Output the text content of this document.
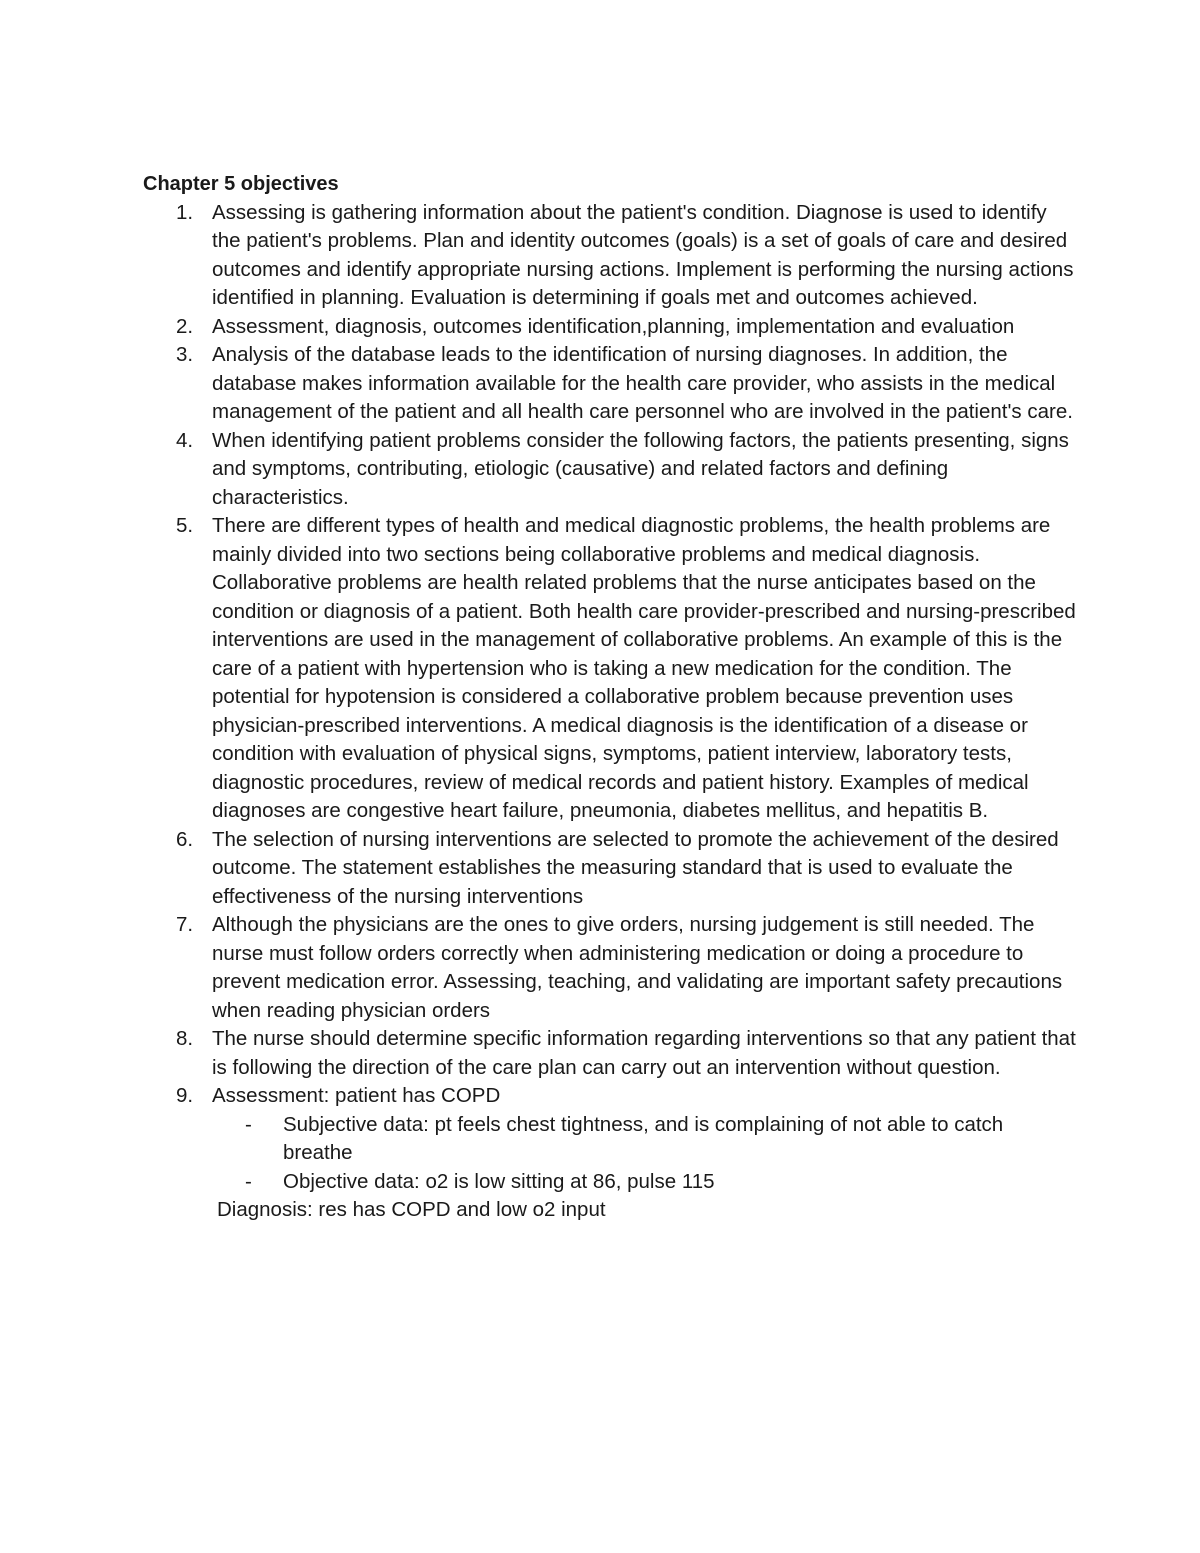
Chapter 5 objectives

1. Assessing is gathering information about the patient's condition. Diagnose is used to identify the patient's problems. Plan and identity outcomes (goals) is a set of goals of care and desired outcomes and identify appropriate nursing actions. Implement is performing the nursing actions identified in planning. Evaluation is determining if goals met and outcomes achieved.
2. Assessment, diagnosis, outcomes identification,planning, implementation and evaluation
3. Analysis of the database leads to the identification of nursing diagnoses. In addition, the database makes information available for the health care provider, who assists in the medical management of the patient and all health care personnel who are involved in the patient's care.
4. When identifying patient problems consider the following factors, the patients presenting, signs and symptoms, contributing, etiologic (causative) and related factors and defining characteristics.
5. There are different types of health and medical diagnostic problems, the health problems are mainly divided into two sections being collaborative problems and medical diagnosis. Collaborative problems are health related problems that the nurse anticipates based on the condition or diagnosis of a patient. Both health care provider-prescribed and nursing-prescribed interventions are used in the management of collaborative problems. An example of this is the care of a patient with hypertension who is taking a new medication for the condition. The potential for hypotension is considered a collaborative problem because prevention uses physician-prescribed interventions. A medical diagnosis is the identification of a disease or condition with evaluation of physical signs, symptoms, patient interview, laboratory tests, diagnostic procedures, review of medical records and patient history. Examples of medical diagnoses are congestive heart failure, pneumonia, diabetes mellitus, and hepatitis B.
6. The selection of nursing interventions are selected to promote the achievement of the desired outcome. The statement establishes the measuring standard that is used to evaluate the effectiveness of the nursing interventions
7. Although the physicians are the ones to give orders, nursing judgement is still needed. The nurse must follow orders correctly when administering medication or doing a procedure to prevent medication error. Assessing, teaching, and validating are important safety precautions when reading physician orders
8. The nurse should determine specific information regarding interventions so that any patient that is following the direction of the care plan can carry out an intervention without question.
9. Assessment: patient has COPD
- Subjective data: pt feels chest tightness, and is complaining of not able to catch breathe
- Objective data: o2 is low sitting at 86, pulse 115

Diagnosis: res has COPD and low o2 input
